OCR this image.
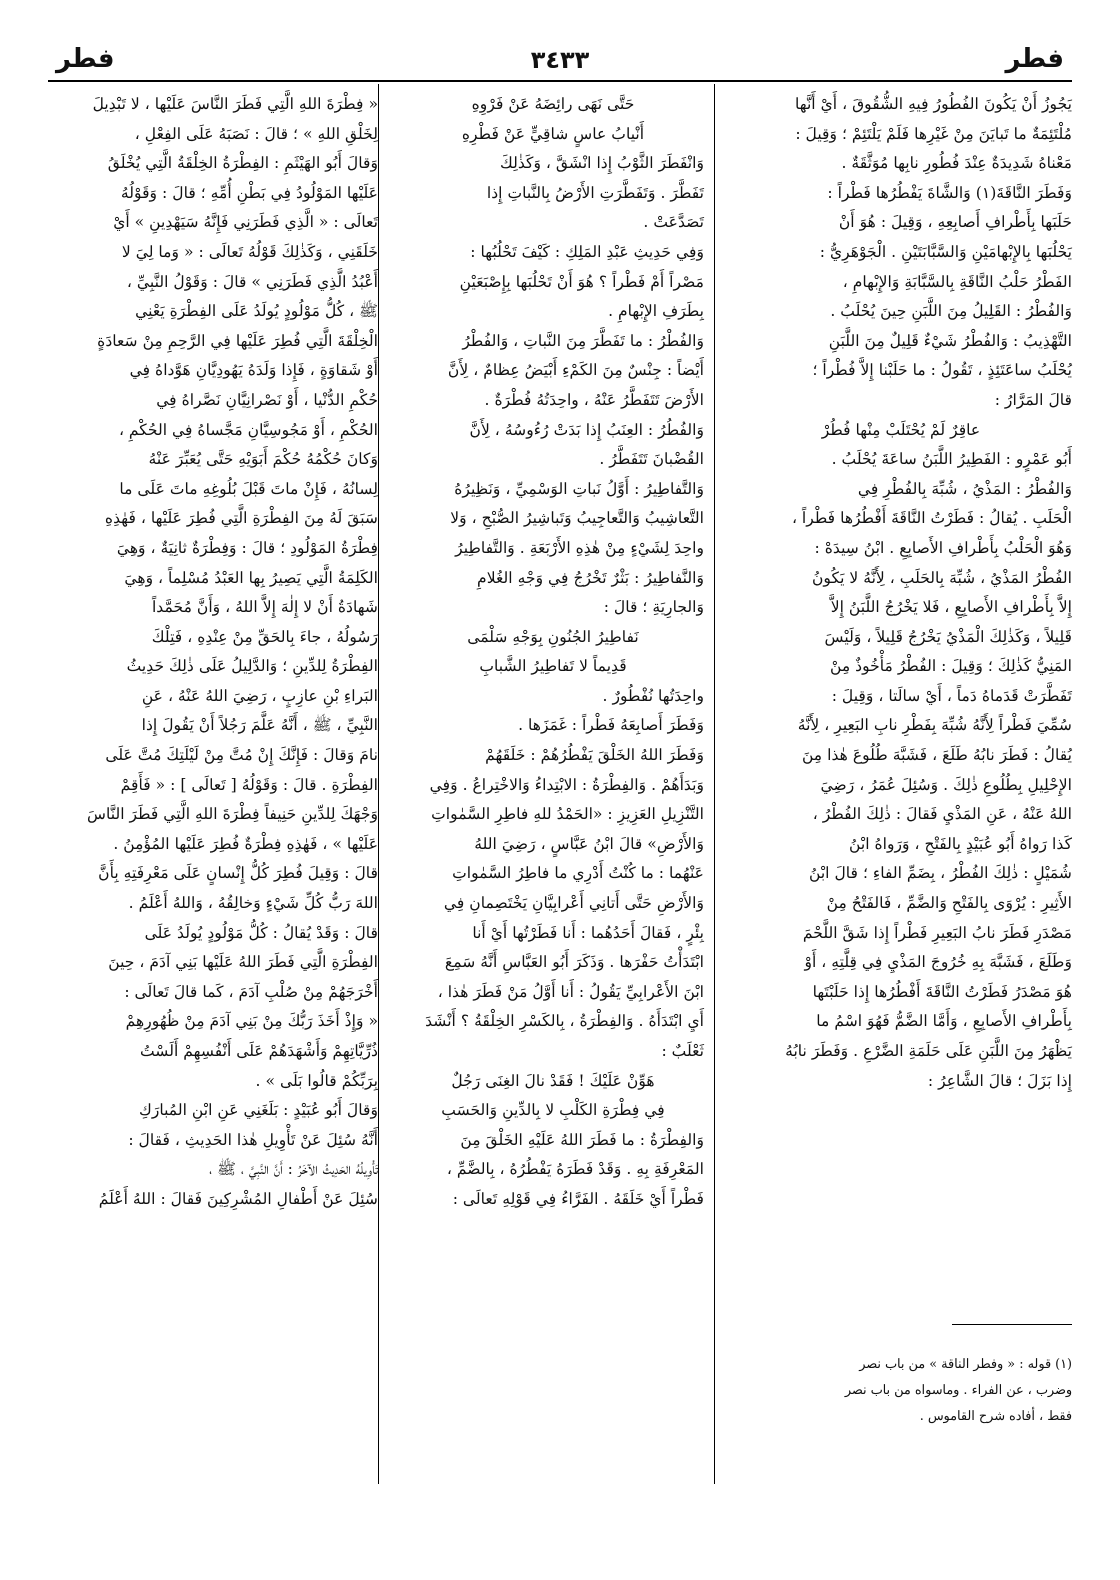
فطر
٣٤٣٣
فطر

يَجُوزُ أَنْ يَكُونَ الفُطُورُ فِيهِ الشُّقُوقَ ، أَيْ أَنَّها

مُلْتَئِمَةٌ ما تَبايَنَ مِنْ غَيْرِها فَلَمْ يَلْتَئِمْ ؛ وَقِيلَ :

مَعْناهُ شَدِيدَةٌ عِنْدَ فُطُورِ نابِها مُوَثَّقَةٌ .

وَفَطَرَ النَّاقَةَ(١) وَالشَّاةَ يَفْطُرُها فَطْراً :

حَلَبَها بِأَطْرافِ أَصابِعِهِ ، وَقِيلَ : هُوَ أَنْ

يَحْلُبَها بِالإِبْهامَيْنِ وَالسَّبَّابَتَيْنِ . الْجَوْهَرِيُّ :

الفَطْرُ حَلْبُ النَّاقَةِ بِالسَّبَّابَةِ وَالإِبْهامِ ،

وَالفُطْرُ : القَلِيلُ مِنَ اللَّبَنِ حِينَ يُحْلَبُ .

التَّهْذِيبُ : وَالفُطْرُ شَيْءٌ قَلِيلٌ مِنَ اللَّبَنِ

يُحْلَبُ ساعَتَئِذٍ ، تَقُولُ : ما حَلَبْنا إِلاَّ فُطْراً ؛

قالَ المَرَّارُ :

عاقِرٌ لَمْ يُحْتَلَبْ مِنْها فُطُرْ

أَبُو عَمْرٍو : الفَطِيرُ اللَّبَنُ ساعَةَ يُحْلَبُ .

وَالفُطْرُ : المَذْيُ ، شُبِّهَ بِالفُطْرِ فِي

الْحَلَبِ . يُقالُ : فَطَرْتُ النَّاقَةَ أَفْطُرُها فَطْراً ،

وَهُوَ الْحَلْبُ بِأَطْرافِ الأَصابِعِ . ابْنُ سِيدَهْ :

الفُطْرُ المَذْيُ ، شُبِّهَ بِالحَلَبِ ، لِأَنَّهُ لا يَكُونُ

إِلاَّ بِأَطْرافِ الأَصابِعِ ، فَلا يَخْرُجُ اللَّبَنُ إِلاَّ

قَلِيلاً ، وَكَذٰلِكَ الْمَذْيُ يَخْرُجُ قَلِيلاً ، وَلَيْسَ

المَنِيُّ كَذٰلِكَ ؛ وَقِيلَ : الفُطْرُ مَأْخُوذٌ مِنْ

تَفَطَّرَتْ قَدَماهُ دَماً ، أَيْ سالَتا ، وَقِيلَ :

سُمِّيَ فَطْراً لِأَنَّهُ شُبِّهَ بِفَطْرِ نابِ البَعِيرِ ، لِأَنَّهُ

يُقالُ : فَطَرَ نابُهُ طَلَعَ ، فَشَبَّهَ طُلُوعَ هٰذا مِنَ

الإِحْلِيلِ بِطُلُوعِ ذٰلِكَ . وَسُئِلَ عُمَرُ ، رَضِيَ

اللهُ عَنْهُ ، عَنِ المَذْيِ فَقالَ : ذٰلِكَ الفُطْرُ ،

كَذا رَواهُ أَبُو عُبَيْدٍ بِالفَتْحِ ، وَرَواهُ ابْنُ

شُمَيْلٍ : ذٰلِكَ الفُطْرُ ، بِضَمِّ الفاءِ ؛ قالَ ابْنُ

الأَثِيرِ : يُرْوَى بِالفَتْحِ وَالضَّمِّ ، فَالفَتْحُ مِنْ

مَصْدَرِ فَطَرَ نابُ البَعِيرِ فَطْراً إِذا شَقَّ اللَّحْمَ

وَطَلَعَ ، فَشَبَّهَ بِهِ خُرُوجَ المَذْيِ فِي قِلَّتِهِ ، أَوْ

هُوَ مَصْدَرُ فَطَرْتُ النَّاقَةَ أَفْطُرُها إِذا حَلَبْتَها

بِأَطْرافِ الأَصابِعِ ، وَأَمَّا الضَّمُّ فَهُوَ اسْمُ ما

يَظْهَرُ مِنَ اللَّبَنِ عَلَى حَلَمَةِ الضَّرْعِ . وَفَطَرَ نابُهُ

إِذا بَزَلَ ؛ قالَ الشَّاعِرُ :

حَتَّى نَهَى رائِضَهُ عَنْ فَرْوِهِ

أَنْيابُ عاسٍ شاقِيٍّ عَنْ فَطْرِهِ

وَانْفَطَرَ الثَّوْبُ إِذا انْشَقَّ ، وَكَذٰلِكَ

تَفَطَّرَ . وَتَفَطَّرَتِ الأَرْضُ بِالنَّباتِ إِذا

تَصَدَّعَتْ .

وَفِي حَدِيثِ عَبْدِ المَلِكِ : كَيْفَ تَحْلُبُها :

مَصْراً أَمْ فَطْراً ؟ هُوَ أَنْ تَحْلُبَها بِإِصْبَعَيْنِ

بِطَرَفِ الإِبْهامِ .

وَالفُطْرُ : ما تَفَطَّرَ مِنَ النَّباتِ ، وَالفُطْرُ

أَيْضاً : جِنْسٌ مِنَ الكَمْءِ أَبْيَضُ عِظامٌ ، لِأَنَّ

الأَرْضَ تَتَفَطَّرُ عَنْهُ ، واحِدَتُهُ فُطْرَةٌ .

وَالفُطُرُ : العِنَبُ إِذا بَدَتْ رُءُوسُهُ ، لِأَنَّ

القُضْبانَ تَتَفَطَّرُ .

وَالتَّفاطِيرُ : أَوَّلُ نَباتِ الوَسْمِيِّ ، وَنَظِيرُهُ

التَّعاشِيبُ وَالتَّعاجِيبُ وَتَباشِيرُ الصُّبْحِ ، وَلا

واحِدَ لِشَيْءٍ مِنْ هٰذِهِ الأَرْبَعَةِ . وَالتَّفاطِيرُ

وَالنَّفاطِيرُ : بَثْرٌ تَخْرُجُ فِي وَجْهِ الغُلامِ

وَالجارِيَةِ ؛ قالَ :

نَفاطِيرُ الجُنُونِ بِوَجْهِ سَلْمَى

قَدِيماً لا تَفاطِيرُ الشَّبابِ

واحِدَتُها نُفْطُورٌ .

وَفَطَرَ أَصابِعَهُ فَطْراً : غَمَزَها .

وَفَطَرَ اللهُ الخَلْقَ يَفْطُرُهُمْ : خَلَقَهُمْ

وَبَدَأَهُمْ . وَالفِطْرَةُ : الابْتِداءُ وَالاخْتِراعُ . وَفِي

التَّنْزِيلِ العَزِيزِ : «الحَمْدُ للهِ فاطِرِ السَّمٰواتِ

وَالأَرْضِ» قالَ ابْنُ عَبَّاسٍ ، رَضِيَ اللهُ

عَنْهُما : ما كُنْتُ أَدْرِي ما فاطِرُ السَّمٰواتِ

وَالأَرْضِ حَتَّى أَتانِي أَعْرابِيَّانِ يَخْتَصِمانِ فِي

بِئْرٍ ، فَقالَ أَحَدُهُما : أَنا فَطَرْتُها أَيْ أَنا

ابْتَدَأْتُ حَفْرَها . وَذَكَرَ أَبُو العَبَّاسِ أَنَّهُ سَمِعَ

ابْنَ الأَعْرابِيِّ يَقُولُ : أَنا أَوَّلُ مَنْ فَطَرَ هٰذا ،

أَيِ ابْتَدَأَهُ . وَالفِطْرَةُ ، بِالكَسْرِ الخِلْقَةُ ؟ أَنْشَدَ

ثَعْلَبٌ :

هَوِّنْ عَلَيْكَ ! فَقَدْ نالَ الغِنَى رَجُلٌ

فِي فِطْرَةِ الكَلْبِ لا بِالدِّينِ وَالحَسَبِ

وَالفِطْرَةُ : ما فَطَرَ اللهُ عَلَيْهِ الخَلْقَ مِنَ

المَعْرِفَةِ بِهِ . وَقَدْ فَطَرَهُ يَفْطُرُهُ ، بِالضَّمِّ ،

فَطْراً أَيْ خَلَقَهُ . الفَرَّاءُ فِي قَوْلِهِ تَعالَى :

« فِطْرَةَ اللهِ الَّتِي فَطَرَ النَّاسَ عَلَيْها ، لا تَبْدِيلَ

لِخَلْقِ اللهِ » ؛ قالَ : نَصَبَهُ عَلَى الفِعْلِ ،

وَقالَ أَبُو الهَيْثَمِ : الفِطْرَةُ الخِلْقَةُ الَّتِي يُخْلَقُ

عَلَيْها المَوْلُودُ فِي بَطْنِ أُمِّهِ ؛ قالَ : وَقَوْلُهُ

تَعالَى : « الَّذِي فَطَرَنِي فَإِنَّهُ سَيَهْدِينِ » أَيْ

خَلَقَنِي ، وَكَذٰلِكَ قَوْلُهُ تَعالَى : « وَما لِيَ لا

أَعْبُدُ الَّذِي فَطَرَنِي » قالَ : وَقَوْلُ النَّبِيِّ ،

ﷺ ، كُلُّ مَوْلُودٍ يُولَدُ عَلَى الفِطْرَةِ يَعْنِي

الْخِلْقَةَ الَّتِي فُطِرَ عَلَيْها فِي الرَّحِمِ مِنْ سَعادَةٍ

أَوْ شَقاوَةٍ ، فَإِذا وَلَدَهُ يَهُودِيَّانِ هَوَّداهُ فِي

حُكْمِ الدُّنْيا ، أَوْ نَصْرانِيَّانِ نَصَّراهُ فِي

الحُكْمِ ، أَوْ مَجُوسِيَّانِ مَجَّساهُ فِي الحُكْمِ ،

وَكانَ حُكْمُهُ حُكْمَ أَبَوَيْهِ حَتَّى يُعَبِّرَ عَنْهُ

لِسانُهُ ، فَإِنْ ماتَ قَبْلَ بُلُوغِهِ ماتَ عَلَى ما

سَبَقَ لَهُ مِنَ الفِطْرَةِ الَّتِي فُطِرَ عَلَيْها ، فَهٰذِهِ

فِطْرَةُ المَوْلُودِ ؛ قالَ : وَفِطْرَةٌ ثانِيَةٌ ، وَهِيَ

الكَلِمَةُ الَّتِي يَصِيرُ بِها العَبْدُ مُسْلِماً ، وَهِيَ

شَهادَةُ أَنْ لا إِلٰهَ إِلاَّ اللهُ ، وَأَنَّ مُحَمَّداً

رَسُولُهُ ، جاءَ بِالحَقِّ مِنْ عِنْدِهِ ، فَتِلْكَ

الفِطْرَةُ لِلدِّينِ ؛ وَالدَّلِيلُ عَلَى ذٰلِكَ حَدِيثُ

البَراءِ بْنِ عازِبٍ ، رَضِيَ اللهُ عَنْهُ ، عَنِ

النَّبِيِّ ، ﷺ ، أَنَّهُ عَلَّمَ رَجُلاً أَنْ يَقُولَ إِذا

نامَ وَقالَ : فَإِنَّكَ إِنْ مُتَّ مِنْ لَيْلَتِكَ مُتَّ عَلَى

الفِطْرَةِ . قالَ : وَقَوْلُهُ [ تَعالَى ] : « فَأَقِمْ

وَجْهَكَ لِلدِّينِ حَنِيفاً فِطْرَةَ اللهِ الَّتِي فَطَرَ النَّاسَ

عَلَيْها » ، فَهٰذِهِ فِطْرَةٌ فُطِرَ عَلَيْها المُؤْمِنُ .

قالَ : وَقِيلَ فُطِرَ كُلُّ إِنْسانٍ عَلَى مَعْرِفَتِهِ بِأَنَّ

اللهَ رَبُّ كُلِّ شَيْءٍ وَخالِقُهُ ، وَاللهُ أَعْلَمُ .

قالَ : وَقَدْ يُقالُ : كُلُّ مَوْلُودٍ يُولَدُ عَلَى

الفِطْرَةِ الَّتِي فَطَرَ اللهُ عَلَيْها بَنِي آدَمَ ، حِينَ

أَخْرَجَهُمْ مِنْ صُلْبِ آدَمَ ، كَما قالَ تَعالَى :

« وَإِذْ أَخَذَ رَبُّكَ مِنْ بَنِي آدَمَ مِنْ ظُهُورِهِمْ

ذُرِّيَّاتِهِمْ وَأَشْهَدَهُمْ عَلَى أَنْفُسِهِمْ أَلَسْتُ

بِرَبِّكُمْ قالُوا بَلَى » .

وَقالَ أَبُو عُبَيْدٍ : بَلَغَنِي عَنِ ابْنِ المُبارَكِ

أَنَّهُ سُئِلَ عَنْ تَأْوِيلِ هٰذا الحَدِيثِ ، فَقالَ :

تَأْوِيلُهُ الحَدِيثُ الآخَرُ : أَنَّ النَّبِيَّ ، ﷺ ،

سُئِلَ عَنْ أَطْفالِ المُشْرِكِينَ فَقالَ : اللهُ أَعْلَمُ

(١) قوله : « وفطر الناقة » من باب نصر

وضرب ، عن الفراء . وماسواه من باب نصر

فقط ، أفاده شرح القاموس .
